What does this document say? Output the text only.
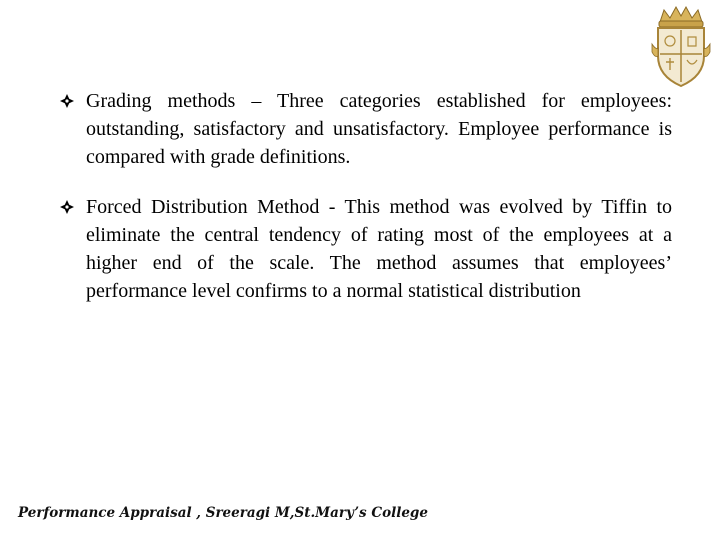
Grading methods – Three categories established for employees: outstanding, satisfactory and unsatisfactory. Employee performance is compared with grade definitions.
Forced Distribution Method - This method was evolved by Tiffin to eliminate the central tendency of rating most of the employees at a higher end of the scale. The method assumes that employees’ performance level confirms to a normal statistical distribution
Performance Appraisal , Sreeragi M,St.Mary’s College
